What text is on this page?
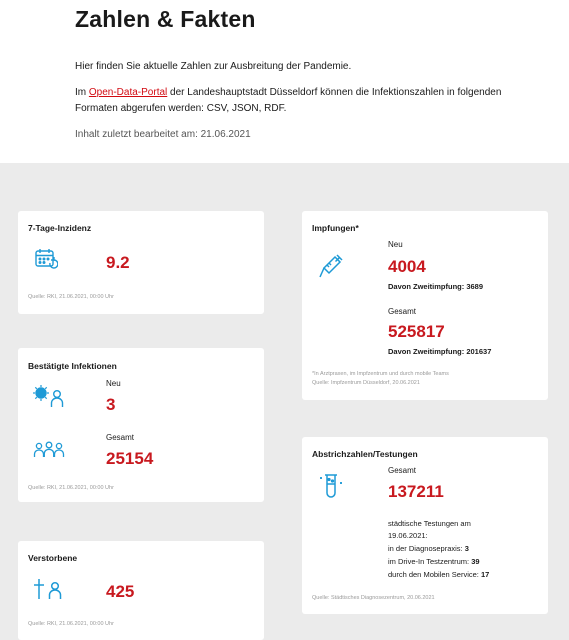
Zahlen & Fakten
Hier finden Sie aktuelle Zahlen zur Ausbreitung der Pandemie.
Im Open-Data-Portal der Landeshauptstadt Düsseldorf können die Infektionszahlen in folgenden Formaten abgerufen werden: CSV, JSON, RDF.
Inhalt zuletzt bearbeitet am: 21.06.2021
7-Tage-Inzidenz
9.2
Quelle: RKI, 21.06.2021, 00:00 Uhr
Bestätigte Infektionen
Neu
3
Gesamt
25154
Quelle: RKI, 21.06.2021, 00:00 Uhr
Verstorbene
425
Quelle: RKI, 21.06.2021, 00:00 Uhr
Impfungen*
Neu
4004
Davon Zweitimpfung: 3689
Gesamt
525817
Davon Zweitimpfung: 201637
*In Arztpraxen, im Impfzentrum und durch mobile Teams
Quelle: Impfzentrum Düsseldorf, 20.06.2021
Abstrichzahlen/Testungen
Gesamt
137211
städtische Testungen am
19.06.2021:
in der Diagnosepraxis: 3
im Drive-In Testzentrum: 39
durch den Mobilen Service: 17
Quelle: Städtisches Diagnosezentrum, 20.06.2021
